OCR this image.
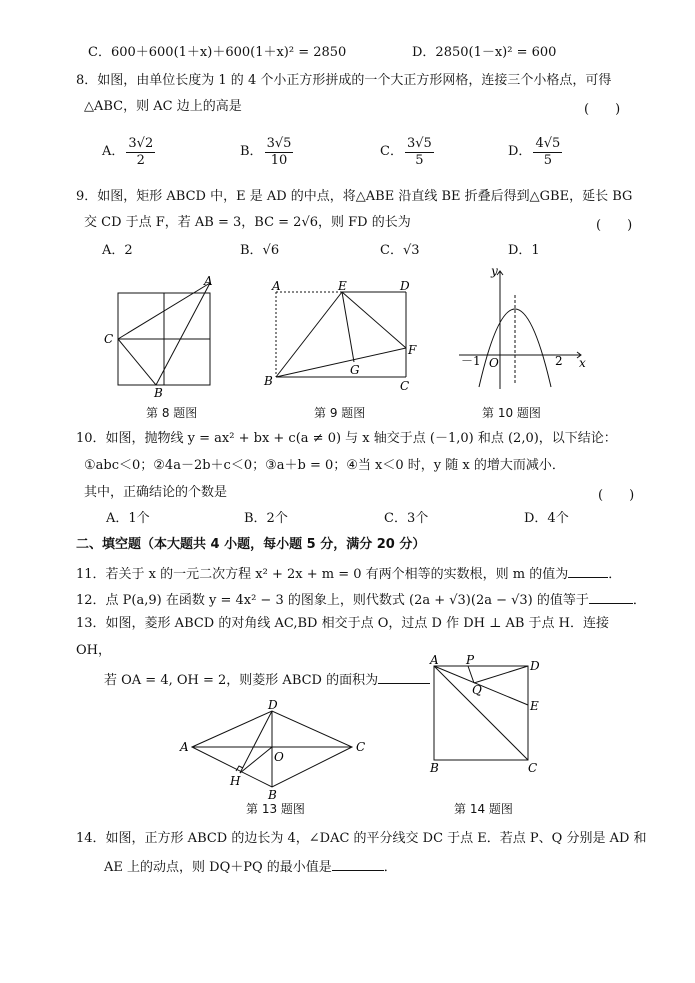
C．600＋600(1＋x)＋600(1＋x)² = 2850	D．2850(1－x)² = 600
8．如图，由单位长度为 1 的 4 个小正方形拼成的一个大正方形网格，连接三个小格点，可得
△ABC，则 AC 边上的高是	(　　)
A． $\frac{3√2}{2}$	B． $\frac{3√5}{10}$	C． $\frac{3√5}{5}$	D． $\frac{4√5}{5}$
9．如图，矩形 ABCD 中，E 是 AD 的中点，将△ABE 沿直线 BE 折叠后得到△GBE，延长 BG
交 CD 于点 F，若 AB = 3，BC = 2√6，则 FD 的长为	(　　)
A．2	B．√6	C．√3	D．1
A
C
B
第 8 题图
A	E	D
B	C
F
G
第 9 题图
y
x
O
－1	2
第 10 题图
10．如图，抛物线 y = ax² + bx + c(a ≠ 0) 与 x 轴交于点 (－1,0) 和点 (2,0)，以下结论：
①abc＜0；②4a－2b＋c＜0；③a＋b = 0；④当 x＜0 时，y 随 x 的增大而减小．
其中，正确结论的个数是	(　　)
A．1个	B．2个	C．3个	D．4个
二、填空题（本大题共 4 小题，每小题 5 分，满分 20 分）
11．若关于 x 的一元二次方程 x² + 2x + m = 0 有两个相等的实数根，则 m 的值为	．
12．点 P(a,9) 在函数 y = 4x² − 3 的图象上，则代数式 (2a + √3)(2a − √3) 的值等于	．
13．如图，菱形 ABCD 的对角线 AC,BD 相交于点 O，过点 D 作 DH ⊥ AB 于点 H．连接
OH，
若 OA = 4, OH = 2，则菱形 ABCD 的面积为
A
D
C
B
H
O
第 13 题图
A P	D
Q
E
B	C
第 14 题图
14．如图，正方形 ABCD 的边长为 4，∠DAC 的平分线交 DC 于点 E．若点 P、Q 分别是 AD 和
AE 上的动点，则 DQ＋PQ 的最小值是	．
